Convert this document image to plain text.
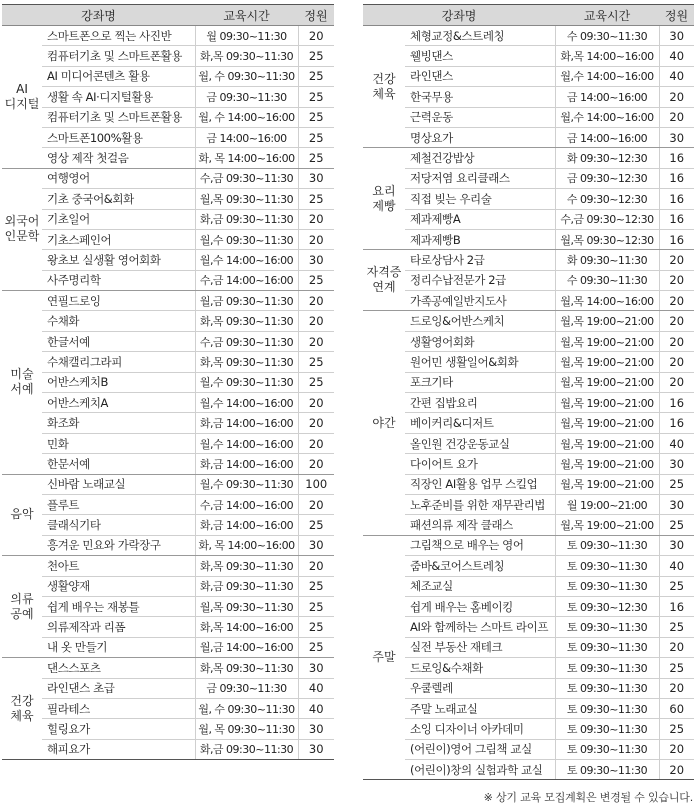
강좌명		교육시간	정원
AI
디지털	스마트폰으로 찍는 사진반	월 09:30~11:30	20
	컴퓨터기초 및 스마트폰활용	화,목 09:30~11:30	25
	AI 미디어콘텐츠 활용	월, 수 09:30~11:30	25
	생활 속 AI·디지털활용	금 09:30~11:30	25
	컴퓨터기초 및 스마트폰활용	월, 수 14:00~16:00	25
	스마트폰100%활용	금 14:00~16:00	25
	영상 제작 첫걸음	화, 목 14:00~16:00	25
외국어
인문학	여행영어	수,금 09:30~11:30	30
	기초 중국어&회화	월,목 09:30~11:30	25
	기초일어	화,금 09:30~11:30	20
	기초스페인어	월,수 09:30~11:30	20
	왕초보 실생활 영어회화	월,수 14:00~16:00	30
	사주명리학	수,금 14:00~16:00	25
미술
서예	연필드로잉	월,금 09:30~11:30	20
	수채화	화,목 09:30~11:30	20
	한글서예	수,금 09:30~11:30	20
	수채캘리그라피	화,목 09:30~11:30	25
	어반스케치B	월,수 09:30~11:30	25
	어반스케치A	월,수 14:00~16:00	20
	화조화	화,금 14:00~16:00	20
	민화	월,수 14:00~16:00	20
	한문서예	화,금 14:00~16:00	20
음악	신바람 노래교실	월,수 09:30~11:30	100
	플루트	수,금 14:00~16:00	20
	클래식기타	화,금 14:00~16:00	25
	흥겨운 민요와 가락장구	화, 목 14:00~16:00	30
의류
공예	천아트	화,목 09:30~11:30	20
	생활양재	화,금 09:30~11:30	25
	쉽게 배우는 재봉틀	월,목 09:30~11:30	25
	의류제작과 리폼	화,목 14:00~16:00	25
	내 옷 만들기	월,금 14:00~16:00	25
건강
체육	댄스스포츠	화,목 09:30~11:30	30
	라인댄스 초급	금 09:30~11:30	40
	필라테스	월, 수 09:30~11:30	40
	힐링요가	월, 목 09:30~11:30	30
	해피요가	화,금 09:30~11:30	30
강좌명		교육시간	정원
건강
체육	체형교정&스트레칭	수 09:30~11:30	30
	웰빙댄스	화,목 14:00~16:00	40
	라인댄스	월,수 14:00~16:00	40
	한국무용	금 14:00~16:00	20
	근력운동	월,수 14:00~16:00	20
	명상요가	금 14:00~16:00	30
요리
제빵	제철건강밥상	화 09:30~12:30	16
	저당저염 요리클래스	금 09:30~12:30	16
	직접 빚는 우리술	수 09:30~12:30	16
	제과제빵A	수,금 09:30~12:30	16
	제과제빵B	월,목 09:30~12:30	16
자격증
연계	타로상담사 2급	화 09:30~11:30	20
	정리수납전문가 2급	수 09:30~11:30	20
	가족공예일반지도사	월,목 14:00~16:00	20
야간	드로잉&어반스케치	월,목 19:00~21:00	20
	생활영어회화	월,목 19:00~21:00	20
	원어민 생활일어&회화	월,목 19:00~21:00	20
	포크기타	월,목 19:00~21:00	20
	간편 집밥요리	월,목 19:00~21:00	16
	베이커리&디저트	월,목 19:00~21:00	16
	올인원 건강운동교실	월,목 19:00~21:00	40
	다이어트 요가	월,목 19:00~21:00	30
	직장인 AI활용 업무 스킬업	월,목 19:00~21:00	25
	노후준비를 위한 재무관리법	월 19:00~21:00	30
	패션의류 제작 클래스	월,목 19:00~21:00	25
주말	그림책으로 배우는 영어	토 09:30~11:30	30
	줌바&코어스트레칭	토 09:30~11:30	40
	체조교실	토 09:30~11:30	25
	쉽게 배우는 홈베이킹	토 09:30~12:30	16
	AI와 함께하는 스마트 라이프	토 09:30~11:30	25
	실전 부동산 재테크	토 09:30~11:30	20
	드로잉&수채화	토 09:30~11:30	25
	우쿨렐레	토 09:30~11:30	20
	주말 노래교실	토 09:30~11:30	60
	소잉 디자이너 아카데미	토 09:30~11:30	25
	(어린이)영어 그림책 교실	토 09:30~11:30	20
	(어린이)창의 실험과학 교실	토 09:30~11:30	20
※ 상기 교육 모집계획은 변경될 수 있습니다.
